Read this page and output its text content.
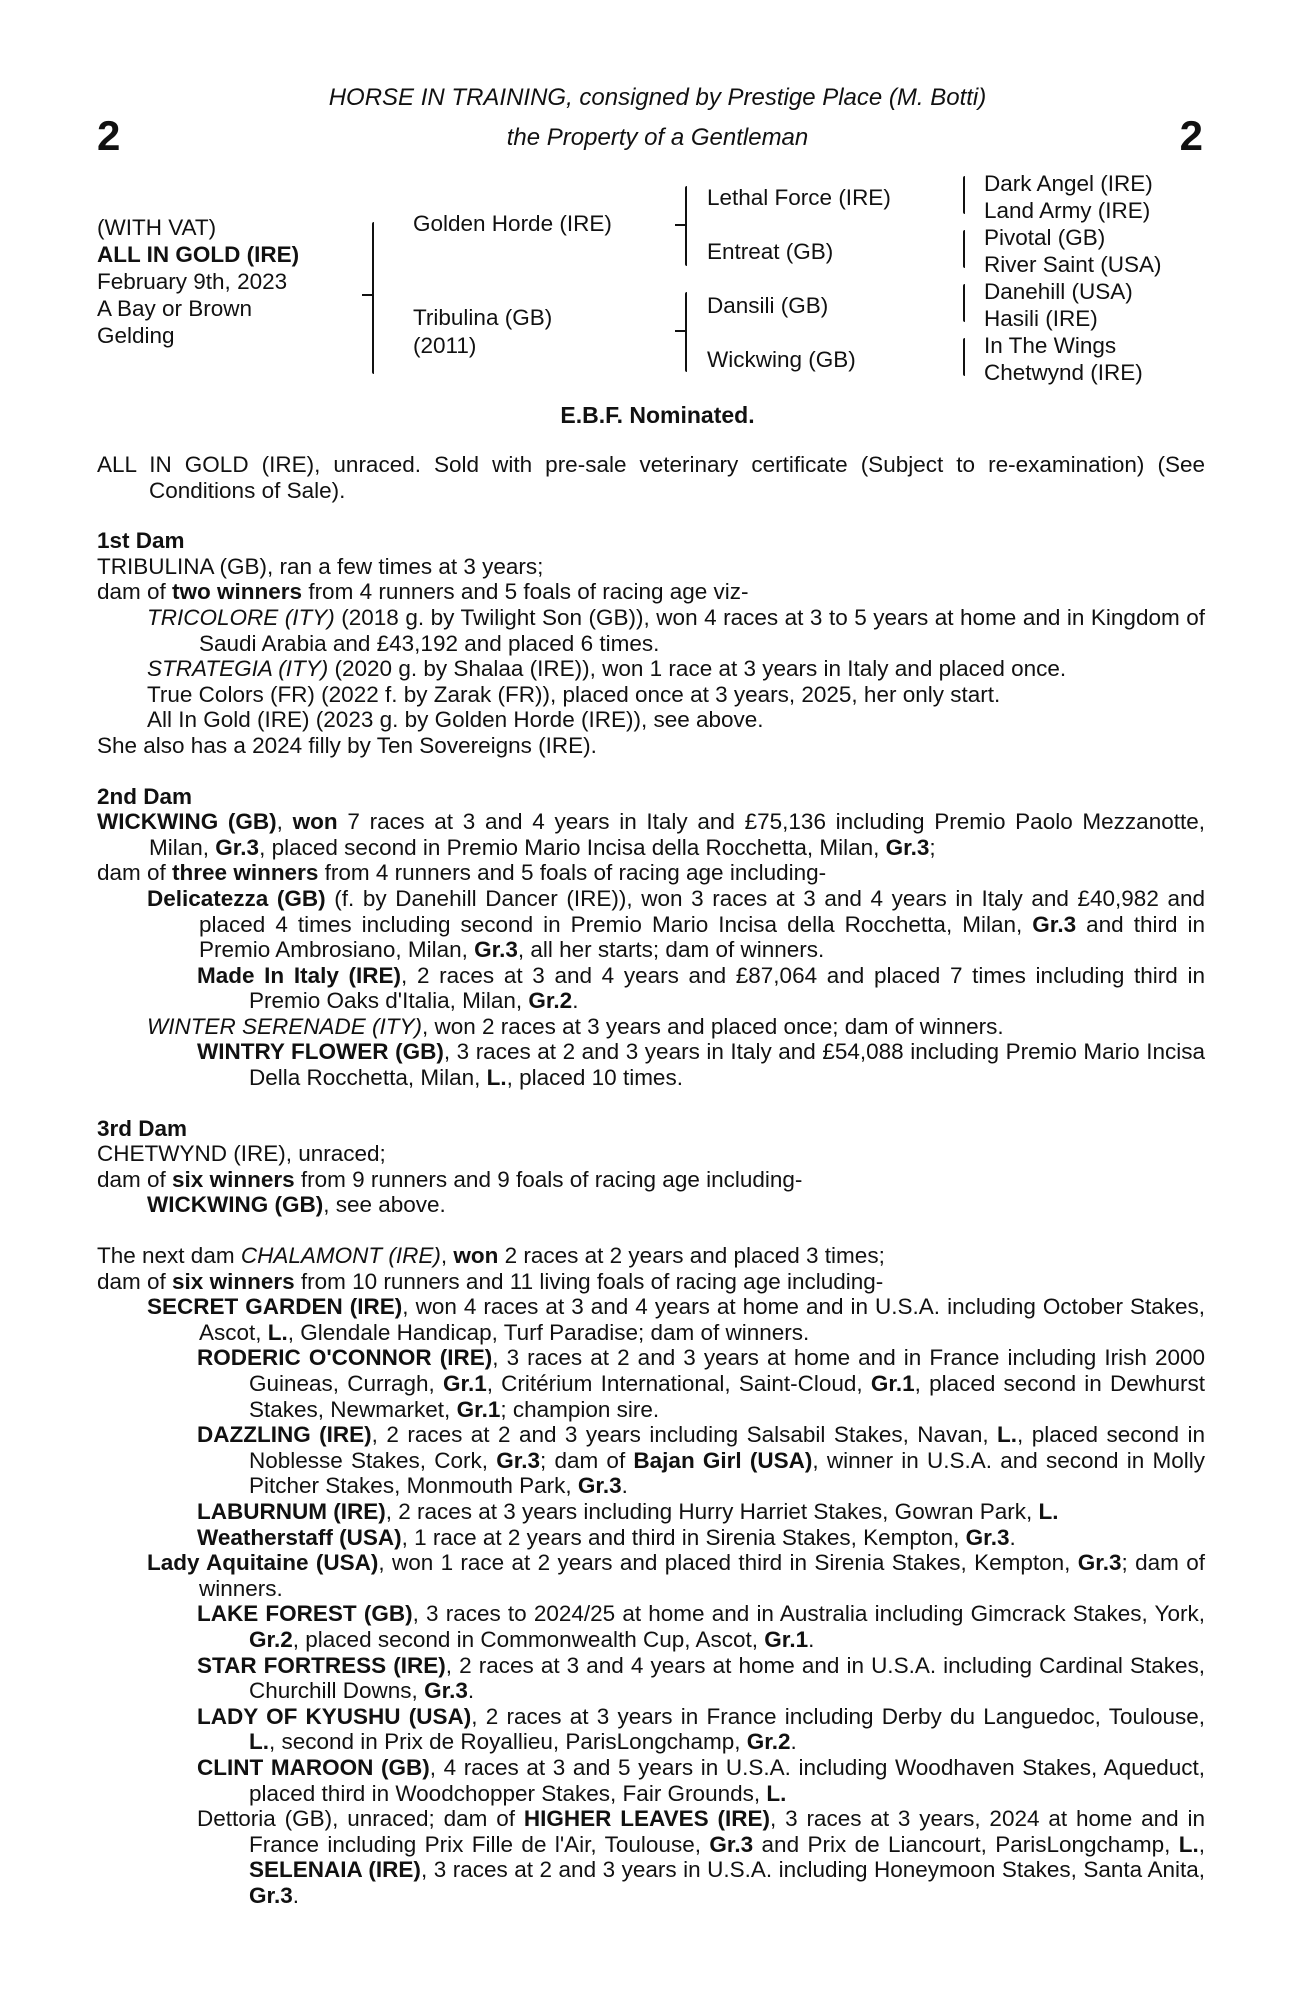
2	2
HORSE IN TRAINING, consigned by Prestige Place (M. Botti)
the Property of a Gentleman
(WITH VAT)
ALL IN GOLD (IRE)
February 9th, 2023
A Bay or Brown
Gelding
Golden Horde (IRE)
Tribulina (GB)
(2011)
Lethal Force (IRE)
Entreat (GB)
Dansili (GB)
Wickwing (GB)
Dark Angel (IRE)
Land Army (IRE)
Pivotal (GB)
River Saint (USA)
Danehill (USA)
Hasili (IRE)
In The Wings
Chetwynd (IRE)
E.B.F. Nominated.

ALL IN GOLD (IRE), unraced. Sold with pre-sale veterinary certificate (Subject to re-examination) (See Conditions of Sale).

1st Dam

TRIBULINA (GB), ran a few times at 3 years;

dam of two winners from 4 runners and 5 foals of racing age viz-

TRICOLORE (ITY) (2018 g. by Twilight Son (GB)), won 4 races at 3 to 5 years at home and in Kingdom of Saudi Arabia and £43,192 and placed 6 times.

STRATEGIA (ITY) (2020 g. by Shalaa (IRE)), won 1 race at 3 years in Italy and placed once.

True Colors (FR) (2022 f. by Zarak (FR)), placed once at 3 years, 2025, her only start.

All In Gold (IRE) (2023 g. by Golden Horde (IRE)), see above.

She also has a 2024 filly by Ten Sovereigns (IRE).

2nd Dam

WICKWING (GB), won 7 races at 3 and 4 years in Italy and £75,136 including Premio Paolo Mezzanotte, Milan, Gr.3, placed second in Premio Mario Incisa della Rocchetta, Milan, Gr.3;

dam of three winners from 4 runners and 5 foals of racing age including-

Delicatezza (GB) (f. by Danehill Dancer (IRE)), won 3 races at 3 and 4 years in Italy and £40,982 and placed 4 times including second in Premio Mario Incisa della Rocchetta, Milan, Gr.3 and third in Premio Ambrosiano, Milan, Gr.3, all her starts; dam of winners.

Made In Italy (IRE), 2 races at 3 and 4 years and £87,064 and placed 7 times including third in Premio Oaks d'Italia, Milan, Gr.2.

WINTER SERENADE (ITY), won 2 races at 3 years and placed once; dam of winners.

WINTRY FLOWER (GB), 3 races at 2 and 3 years in Italy and £54,088 including Premio Mario Incisa Della Rocchetta, Milan, L., placed 10 times.

3rd Dam

CHETWYND (IRE), unraced;

dam of six winners from 9 runners and 9 foals of racing age including-

WICKWING (GB), see above.

The next dam CHALAMONT (IRE), won 2 races at 2 years and placed 3 times;

dam of six winners from 10 runners and 11 living foals of racing age including-

SECRET GARDEN (IRE), won 4 races at 3 and 4 years at home and in U.S.A. including October Stakes, Ascot, L., Glendale Handicap, Turf Paradise; dam of winners.

RODERIC O'CONNOR (IRE), 3 races at 2 and 3 years at home and in France including Irish 2000 Guineas, Curragh, Gr.1, Critérium International, Saint-Cloud, Gr.1, placed second in Dewhurst Stakes, Newmarket, Gr.1; champion sire.

DAZZLING (IRE), 2 races at 2 and 3 years including Salsabil Stakes, Navan, L., placed second in Noblesse Stakes, Cork, Gr.3; dam of Bajan Girl (USA), winner in U.S.A. and second in Molly Pitcher Stakes, Monmouth Park, Gr.3.

LABURNUM (IRE), 2 races at 3 years including Hurry Harriet Stakes, Gowran Park, L.

Weatherstaff (USA), 1 race at 2 years and third in Sirenia Stakes, Kempton, Gr.3.

Lady Aquitaine (USA), won 1 race at 2 years and placed third in Sirenia Stakes, Kempton, Gr.3; dam of winners.

LAKE FOREST (GB), 3 races to 2024/25 at home and in Australia including Gimcrack Stakes, York, Gr.2, placed second in Commonwealth Cup, Ascot, Gr.1.

STAR FORTRESS (IRE), 2 races at 3 and 4 years at home and in U.S.A. including Cardinal Stakes, Churchill Downs, Gr.3.

LADY OF KYUSHU (USA), 2 races at 3 years in France including Derby du Languedoc, Toulouse, L., second in Prix de Royallieu, ParisLongchamp, Gr.2.

CLINT MAROON (GB), 4 races at 3 and 5 years in U.S.A. including Woodhaven Stakes, Aqueduct, placed third in Woodchopper Stakes, Fair Grounds, L.

Dettoria (GB), unraced; dam of HIGHER LEAVES (IRE), 3 races at 3 years, 2024 at home and in France including Prix Fille de l'Air, Toulouse, Gr.3 and Prix de Liancourt, ParisLongchamp, L., SELENAIA (IRE), 3 races at 2 and 3 years in U.S.A. including Honeymoon Stakes, Santa Anita, Gr.3.
